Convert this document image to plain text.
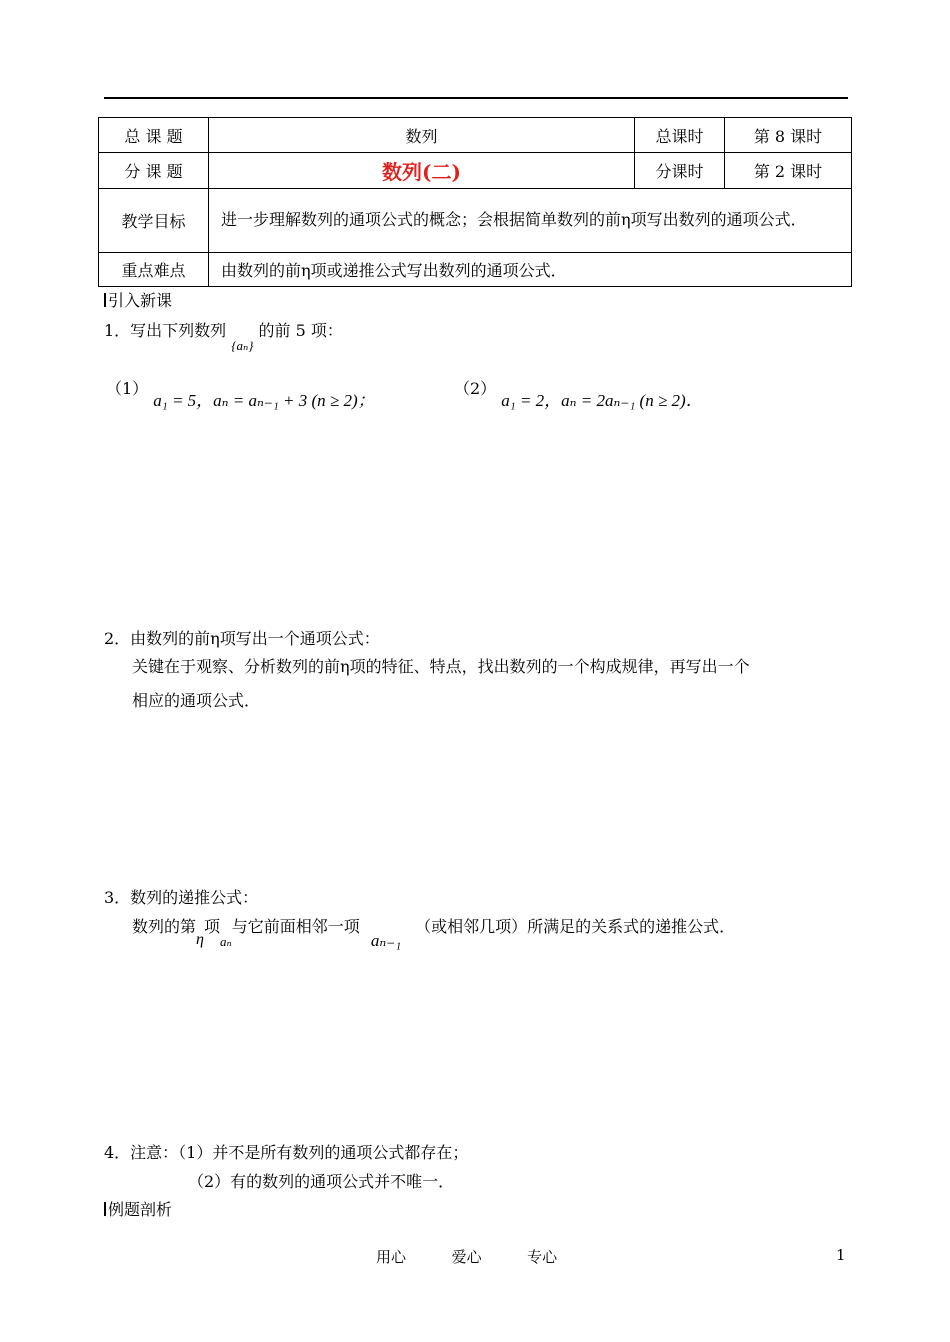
总 课 题	数列	总课时	第 8 课时
分 课 题	数列(二)	分课时	第 2 课时
教学目标	进一步理解数列的通项公式的概念；会根据简单数列的前η项写出数列的通项公式．		
重点难点	由数列的前η项或递推公式写出数列的通项公式．		
引入新课
1．写出下列数列 $_{\{a_n\}}$ 的前 5 项：
（1） a₁ = 5，aₙ = aₙ₋₁ + 3 (n ≥ 2)；
（2） a₁ = 2，aₙ = 2aₙ₋₁ (n ≥ 2)．
2．由数列的前η项写出一个通项公式：
关键在于观察、分析数列的前η项的特征、特点，找出数列的一个构成规律，再写出一个
相应的通项公式．
3．数列的递推公式：
数列的第η项$_{a_n}$与它前面相邻一项 aₙ₋₁（或相邻几项）所满足的关系式的递推公式．
4．注意：（1）并不是所有数列的通项公式都存在；
（2）有的数列的通项公式并不唯一．
例题剖析
用心	爱心	专心	1
